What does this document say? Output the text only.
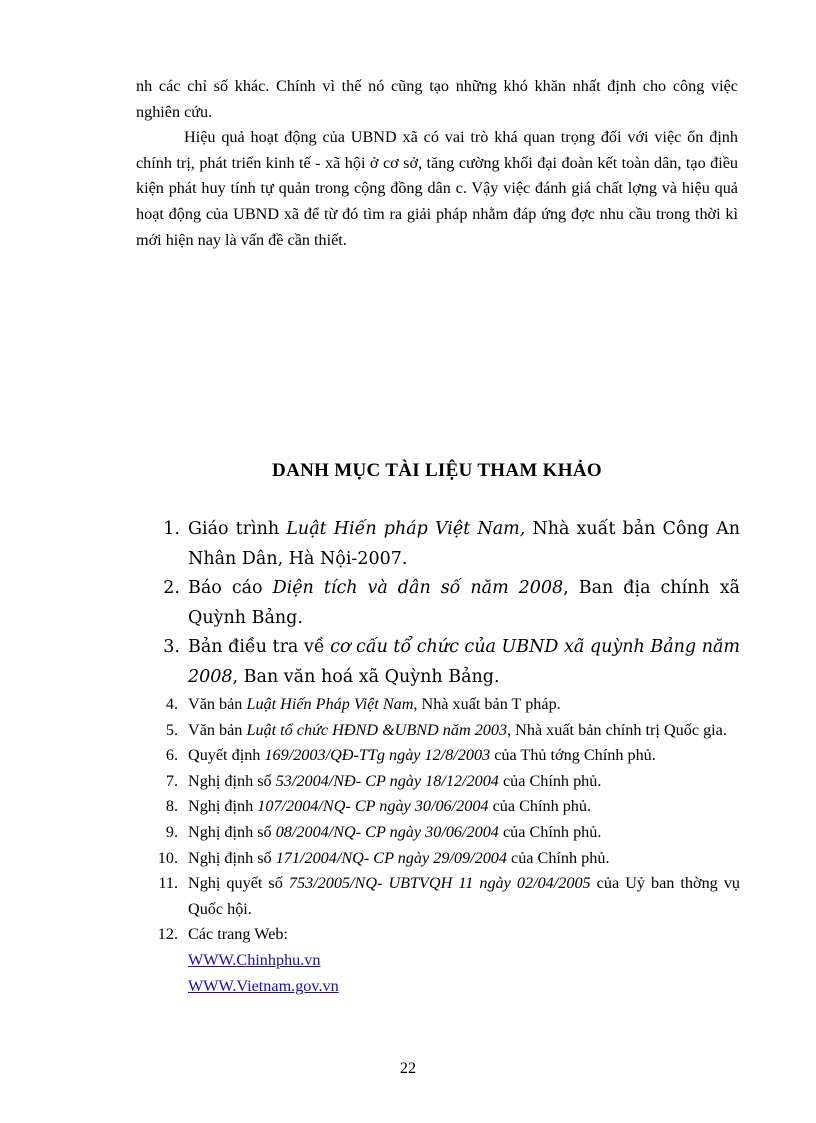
nh các chỉ số khác. Chính vì thế nó cũng tạo những khó khăn nhất định cho công việc nghiên cứu.

Hiệu quả hoạt động của UBND xã có vai trò khá quan trọng đối với việc ổn định chính trị, phát triển kinh tế - xã hội ở cơ sở, tăng cường khối đại đoàn kết toàn dân, tạo điều kiện phát huy tính tự quản trong cộng đồng dân c. Vậy việc đánh giá chất lợng và hiệu quả hoạt động của UBND xã để từ đó tìm ra giải pháp nhằm đáp ứng đợc nhu cầu trong thời kì mới hiện nay là vấn đề cần thiết.

DANH MỤC TÀI LIỆU THAM KHẢO
1. Giáo trình Luật Hiến pháp Việt Nam, Nhà xuất bản Công An Nhân Dân, Hà Nội-2007.
2. Báo cáo Diện tích và dân số năm 2008, Ban địa chính xã Quỳnh Bảng.
3. Bản điều tra về cơ cấu tổ chức của UBND xã quỳnh Bảng năm 2008, Ban văn hoá xã Quỳnh Bảng.
4. Văn bản Luật Hiến Pháp Việt Nam, Nhà xuất bản T pháp.
5. Văn bản Luật tổ chức HĐND &UBND năm 2003, Nhà xuất bản chính trị Quốc gia.
6. Quyết định 169/2003/QĐ-TTg ngày 12/8/2003 của Thủ tớng Chính phủ.
7. Nghị định số 53/2004/NĐ- CP ngày 18/12/2004 của Chính phủ.
8. Nghị định 107/2004/NQ- CP ngày 30/06/2004 của Chính phủ.
9. Nghị định số 08/2004/NQ- CP ngày 30/06/2004 của Chính phủ.
10. Nghị định số 171/2004/NQ- CP ngày 29/09/2004 của Chính phủ.
11. Nghị quyết số 753/2005/NQ- UBTVQH 11 ngày 02/04/2005 của Uỷ ban thờng vụ Quốc hội.
12. Các trang Web:
WWW.Chinhphu.vn
WWW.Vietnam.gov.vn

22
